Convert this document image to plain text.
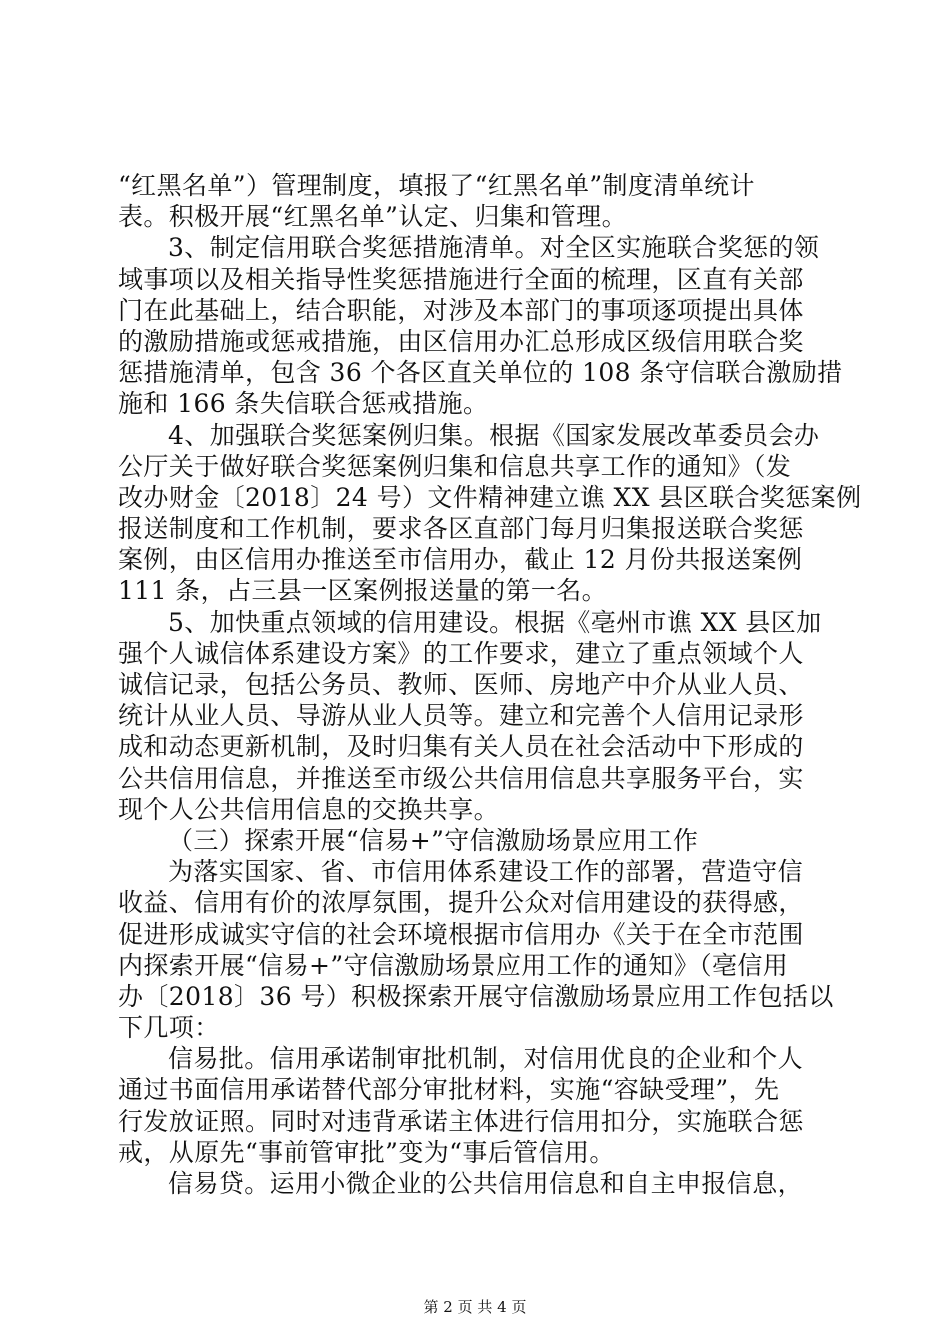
“红黑名单”）管理制度，填报了“红黑名单”制度清单统计
表。积极开展“红黑名单”认定、归集和管理。
3、制定信用联合奖惩措施清单。对全区实施联合奖惩的领
域事项以及相关指导性奖惩措施进行全面的梳理，区直有关部
门在此基础上，结合职能，对涉及本部门的事项逐项提出具体
的激励措施或惩戒措施，由区信用办汇总形成区级信用联合奖
惩措施清单，包含 36 个各区直关单位的 108 条守信联合激励措
施和 166 条失信联合惩戒措施。
4、加强联合奖惩案例归集。根据《国家发展改革委员会办
公厅关于做好联合奖惩案例归集和信息共享工作的通知》（发
改办财金〔2018〕24 号）文件精神建立谯 XX 县区联合奖惩案例
报送制度和工作机制，要求各区直部门每月归集报送联合奖惩
案例，由区信用办推送至市信用办，截止 12 月份共报送案例
111 条，占三县一区案例报送量的第一名。
5、加快重点领域的信用建设。根据《亳州市谯 XX 县区加
强个人诚信体系建设方案》的工作要求，建立了重点领域个人
诚信记录，包括公务员、教师、医师、房地产中介从业人员、
统计从业人员、导游从业人员等。建立和完善个人信用记录形
成和动态更新机制，及时归集有关人员在社会活动中下形成的
公共信用信息，并推送至市级公共信用信息共享服务平台，实
现个人公共信用信息的交换共享。
（三）探索开展“信易+”守信激励场景应用工作
为落实国家、省、市信用体系建设工作的部署，营造守信
收益、信用有价的浓厚氛围，提升公众对信用建设的获得感，
促进形成诚实守信的社会环境根据市信用办《关于在全市范围
内探索开展“信易+”守信激励场景应用工作的通知》（亳信用
办〔2018〕36 号）积极探索开展守信激励场景应用工作包括以
下几项：
信易批。信用承诺制审批机制，对信用优良的企业和个人
通过书面信用承诺替代部分审批材料，实施“容缺受理”，先
行发放证照。同时对违背承诺主体进行信用扣分，实施联合惩
戒，从原先“事前管审批”变为“事后管信用。
信易贷。运用小微企业的公共信用信息和自主申报信息，
第 2 页 共 4 页
